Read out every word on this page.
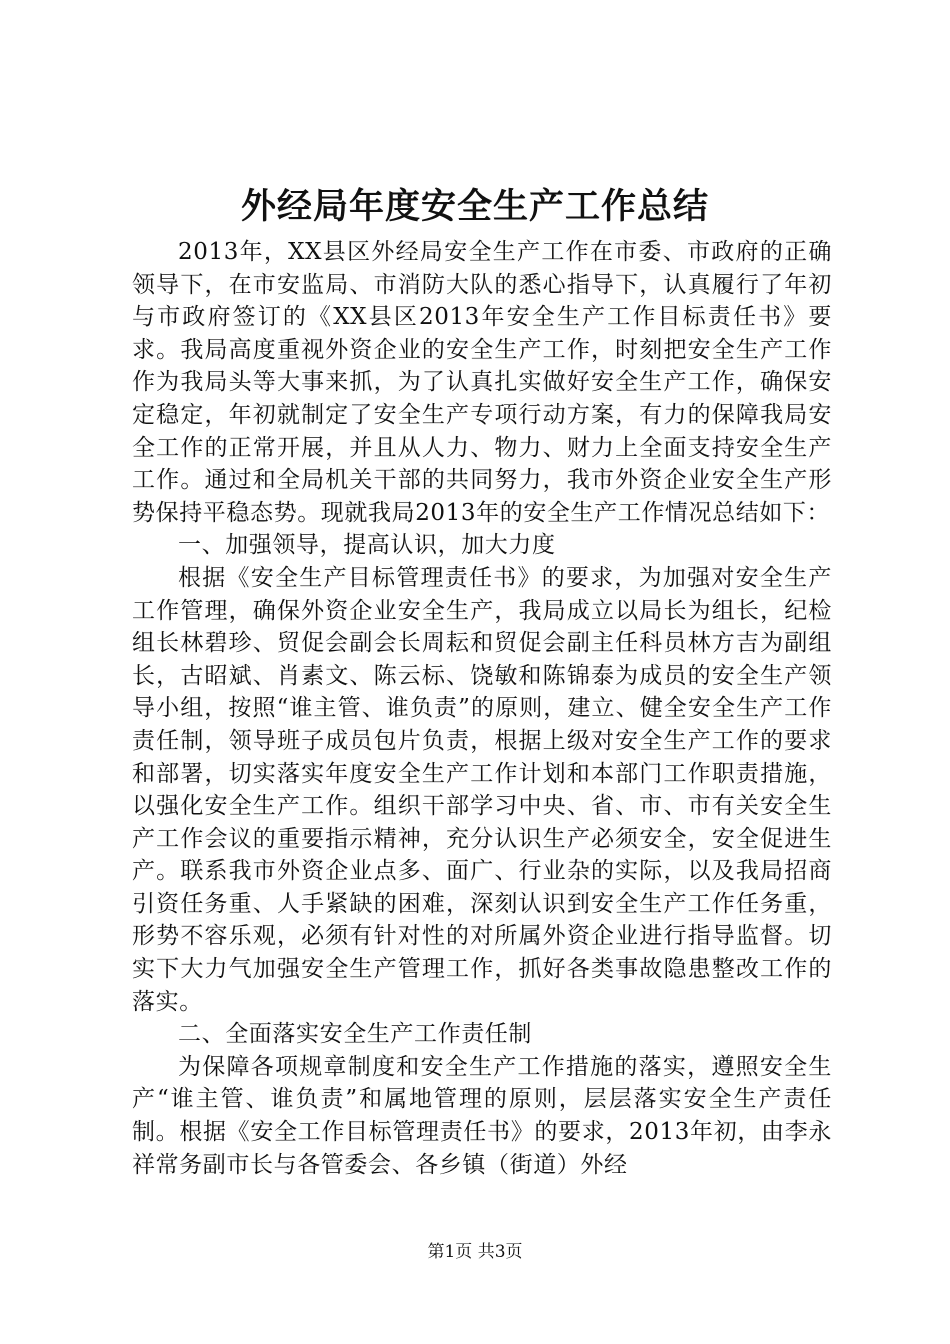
外经局年度安全生产工作总结

2013年，XX县区外经局安全生产工作在市委、市政府的正确领导下，在市安监局、市消防大队的悉心指导下，认真履行了年初与市政府签订的《XX县区2013年安全生产工作目标责任书》要求。我局高度重视外资企业的安全生产工作，时刻把安全生产工作作为我局头等大事来抓，为了认真扎实做好安全生产工作，确保安定稳定，年初就制定了安全生产专项行动方案，有力的保障我局安全工作的正常开展，并且从人力、物力、财力上全面支持安全生产工作。通过和全局机关干部的共同努力，我市外资企业安全生产形势保持平稳态势。现就我局2013年的安全生产工作情况总结如下：

一、加强领导，提高认识，加大力度

根据《安全生产目标管理责任书》的要求，为加强对安全生产工作管理，确保外资企业安全生产，我局成立以局长为组长，纪检组长林碧珍、贸促会副会长周耘和贸促会副主任科员林方吉为副组长，古昭斌、肖素文、陈云标、饶敏和陈锦泰为成员的安全生产领导小组，按照“谁主管、谁负责”的原则，建立、健全安全生产工作责任制，领导班子成员包片负责，根据上级对安全生产工作的要求和部署，切实落实年度安全生产工作计划和本部门工作职责措施，以强化安全生产工作。组织干部学习中央、省、市、市有关安全生产工作会议的重要指示精神，充分认识生产必须安全，安全促进生产。联系我市外资企业点多、面广、行业杂的实际，以及我局招商引资任务重、人手紧缺的困难，深刻认识到安全生产工作任务重，形势不容乐观，必须有针对性的对所属外资企业进行指导监督。切实下大力气加强安全生产管理工作，抓好各类事故隐患整改工作的落实。

二、全面落实安全生产工作责任制

为保障各项规章制度和安全生产工作措施的落实，遵照安全生产“谁主管、谁负责”和属地管理的原则，层层落实安全生产责任制。根据《安全工作目标管理责任书》的要求，2013年初，由李永祥常务副市长与各管委会、各乡镇（街道）外经

第1页 共3页
